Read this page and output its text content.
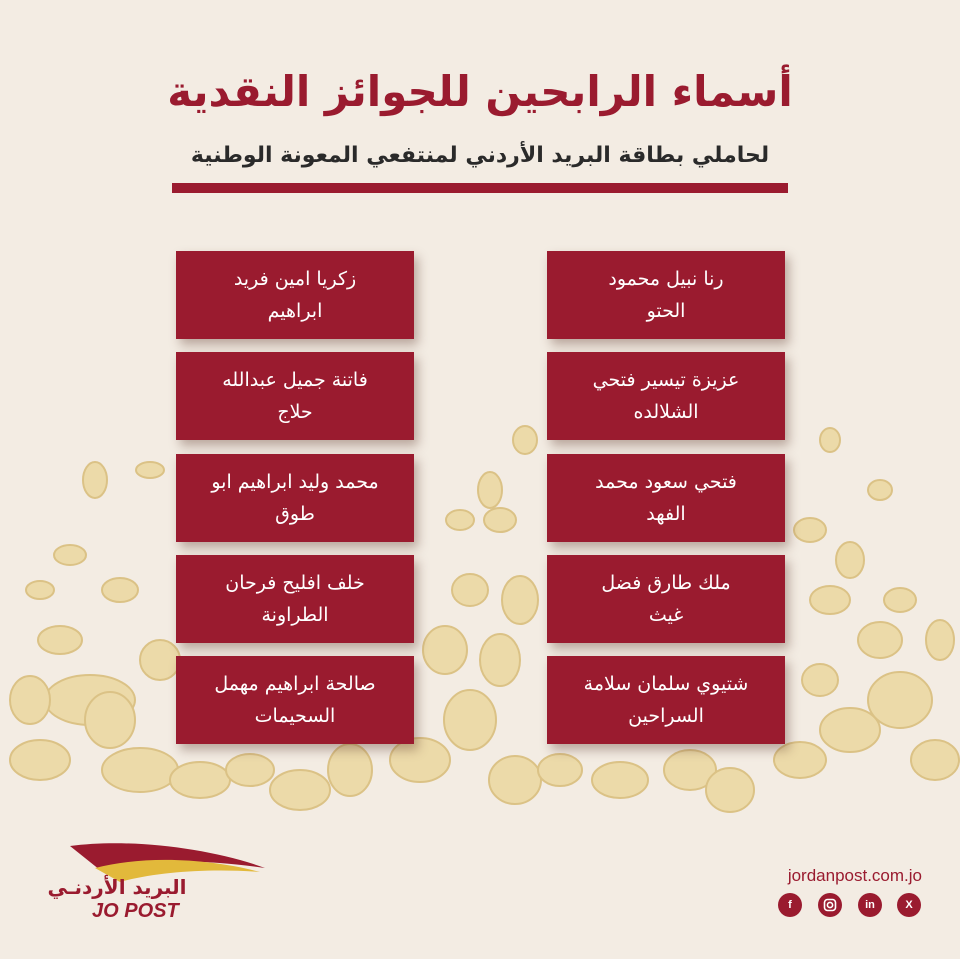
أسماء الرابحين للجوائز النقدية
لحاملي بطاقة البريد الأردني لمنتفعي المعونة الوطنية
رنا نبيل محمود
الحتو
عزيزة تيسير فتحي
الشلالده
فتحي سعود محمد
الفهد
ملك طارق فضل
غيث
شتيوي سلمان سلامة
السراحين
زكريا امين فريد
ابراهيم
فاتنة جميل عبدالله
حلاج
محمد وليد ابراهيم ابو
طوق
خلف افليح فرحان
الطراونة
صالحة ابراهيم مهمل
السحيمات
البريد الأردنـي
JO POST
jordanpost.com.jo
f	in	X
